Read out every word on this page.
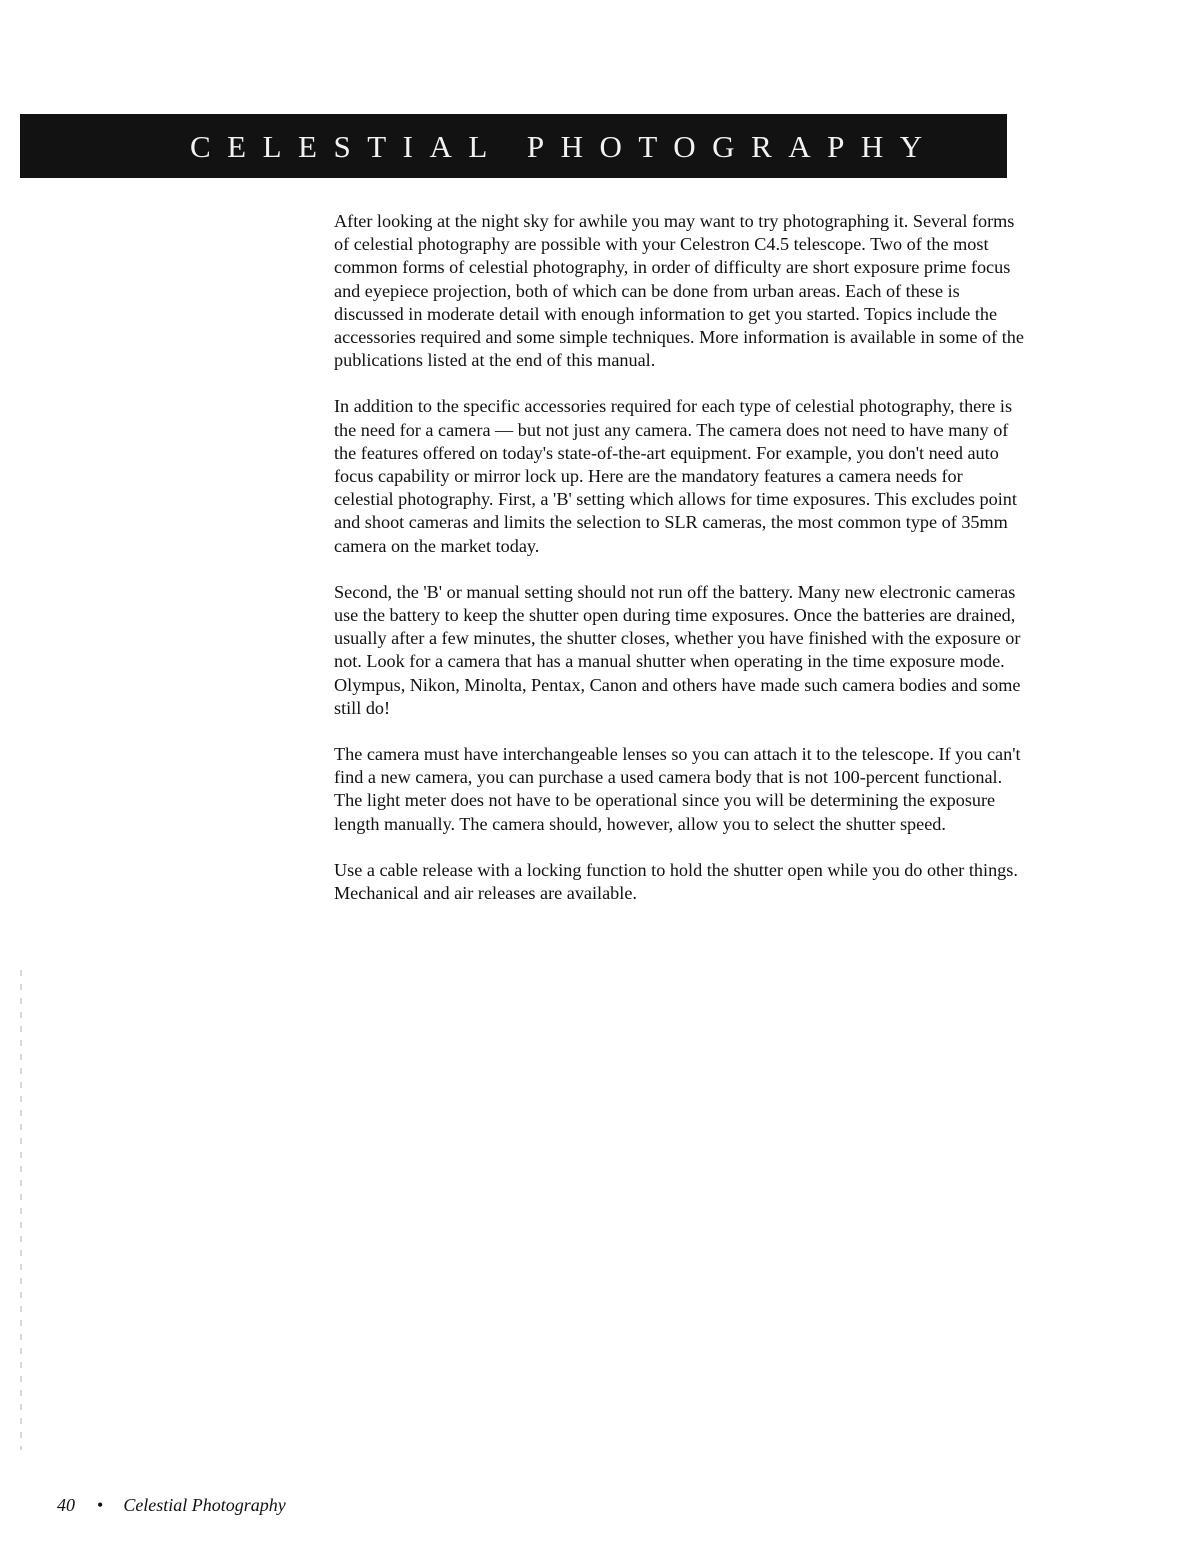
CELESTIAL PHOTOGRAPHY

After looking at the night sky for awhile you may want to try photographing it. Several forms of celestial photography are possible with your Celestron C4.5 telescope. Two of the most common forms of celestial photography, in order of difficulty are short exposure prime focus and eyepiece projection, both of which can be done from urban areas. Each of these is discussed in moderate detail with enough information to get you started. Topics include the accessories required and some simple techniques. More information is available in some of the publications listed at the end of this manual.

In addition to the specific accessories required for each type of celestial photography, there is the need for a camera — but not just any camera. The camera does not need to have many of the features offered on today's state-of-the-art equipment. For example, you don't need auto focus capability or mirror lock up. Here are the mandatory features a camera needs for celestial photography. First, a 'B' setting which allows for time exposures. This excludes point and shoot cameras and limits the selection to SLR cameras, the most common type of 35mm camera on the market today.

Second, the 'B' or manual setting should not run off the battery. Many new electronic cameras use the battery to keep the shutter open during time exposures. Once the batteries are drained, usually after a few minutes, the shutter closes, whether you have finished with the exposure or not. Look for a camera that has a manual shutter when operating in the time exposure mode. Olympus, Nikon, Minolta, Pentax, Canon and others have made such camera bodies and some still do!

The camera must have interchangeable lenses so you can attach it to the telescope. If you can't find a new camera, you can purchase a used camera body that is not 100-percent functional. The light meter does not have to be operational since you will be determining the exposure length manually. The camera should, however, allow you to select the shutter speed.

Use a cable release with a locking function to hold the shutter open while you do other things. Mechanical and air releases are available.

40 • Celestial Photography
